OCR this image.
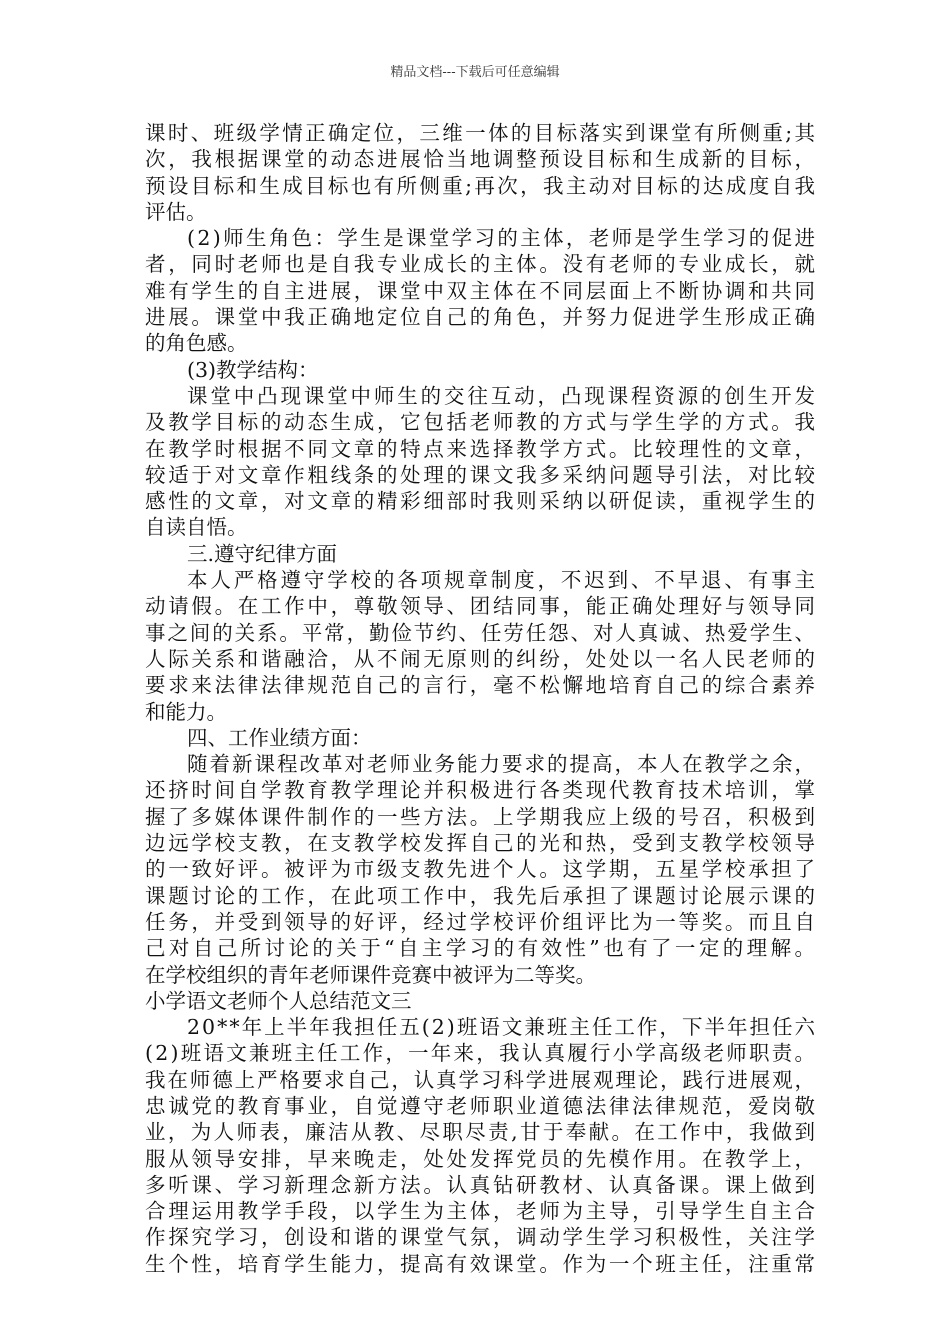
精品文档---下载后可任意编辑
课时、班级学情正确定位，三维一体的目标落实到课堂有所侧重;其
次，我根据课堂的动态进展恰当地调整预设目标和生成新的目标，
预设目标和生成目标也有所侧重;再次，我主动对目标的达成度自我
评估。
(2)师生角色：学生是课堂学习的主体，老师是学生学习的促进
者，同时老师也是自我专业成长的主体。没有老师的专业成长，就
难有学生的自主进展，课堂中双主体在不同层面上不断协调和共同
进展。课堂中我正确地定位自己的角色，并努力促进学生形成正确
的角色感。
(3)教学结构：
课堂中凸现课堂中师生的交往互动，凸现课程资源的创生开发
及教学目标的动态生成，它包括老师教的方式与学生学的方式。我
在教学时根据不同文章的特点来选择教学方式。比较理性的文章，
较适于对文章作粗线条的处理的课文我多采纳问题导引法，对比较
感性的文章，对文章的精彩细部时我则采纳以研促读，重视学生的
自读自悟。
三.遵守纪律方面
本人严格遵守学校的各项规章制度，不迟到、不早退、有事主
动请假。在工作中，尊敬领导、团结同事，能正确处理好与领导同
事之间的关系。平常，勤俭节约、任劳任怨、对人真诚、热爱学生、
人际关系和谐融洽，从不闹无原则的纠纷，处处以一名人民老师的
要求来法律法律规范自己的言行，毫不松懈地培育自己的综合素养
和能力。
四、工作业绩方面：
随着新课程改革对老师业务能力要求的提高，本人在教学之余，
还挤时间自学教育教学理论并积极进行各类现代教育技术培训，掌
握了多媒体课件制作的一些方法。上学期我应上级的号召，积极到
边远学校支教，在支教学校发挥自己的光和热，受到支教学校领导
的一致好评。被评为市级支教先进个人。这学期，五星学校承担了
课题讨论的工作，在此项工作中，我先后承担了课题讨论展示课的
任务，并受到领导的好评，经过学校评价组评比为一等奖。而且自
己对自己所讨论的关于“自主学习的有效性”也有了一定的理解。
在学校组织的青年老师课件竞赛中被评为二等奖。
小学语文老师个人总结范文三
20**年上半年我担任五(2)班语文兼班主任工作，下半年担任六
(2)班语文兼班主任工作，一年来，我认真履行小学高级老师职责。
我在师德上严格要求自己，认真学习科学进展观理论，践行进展观，
忠诚党的教育事业，自觉遵守老师职业道德法律法律规范，爱岗敬
业，为人师表，廉洁从教、尽职尽责,甘于奉献。在工作中，我做到
服从领导安排，早来晚走，处处发挥党员的先模作用。在教学上，
多听课、学习新理念新方法。认真钻研教材、认真备课。课上做到
合理运用教学手段，以学生为主体，老师为主导，引导学生自主合
作探究学习，创设和谐的课堂气氛，调动学生学习积极性，关注学
生个性，培育学生能力，提高有效课堂。作为一个班主任，注重常
